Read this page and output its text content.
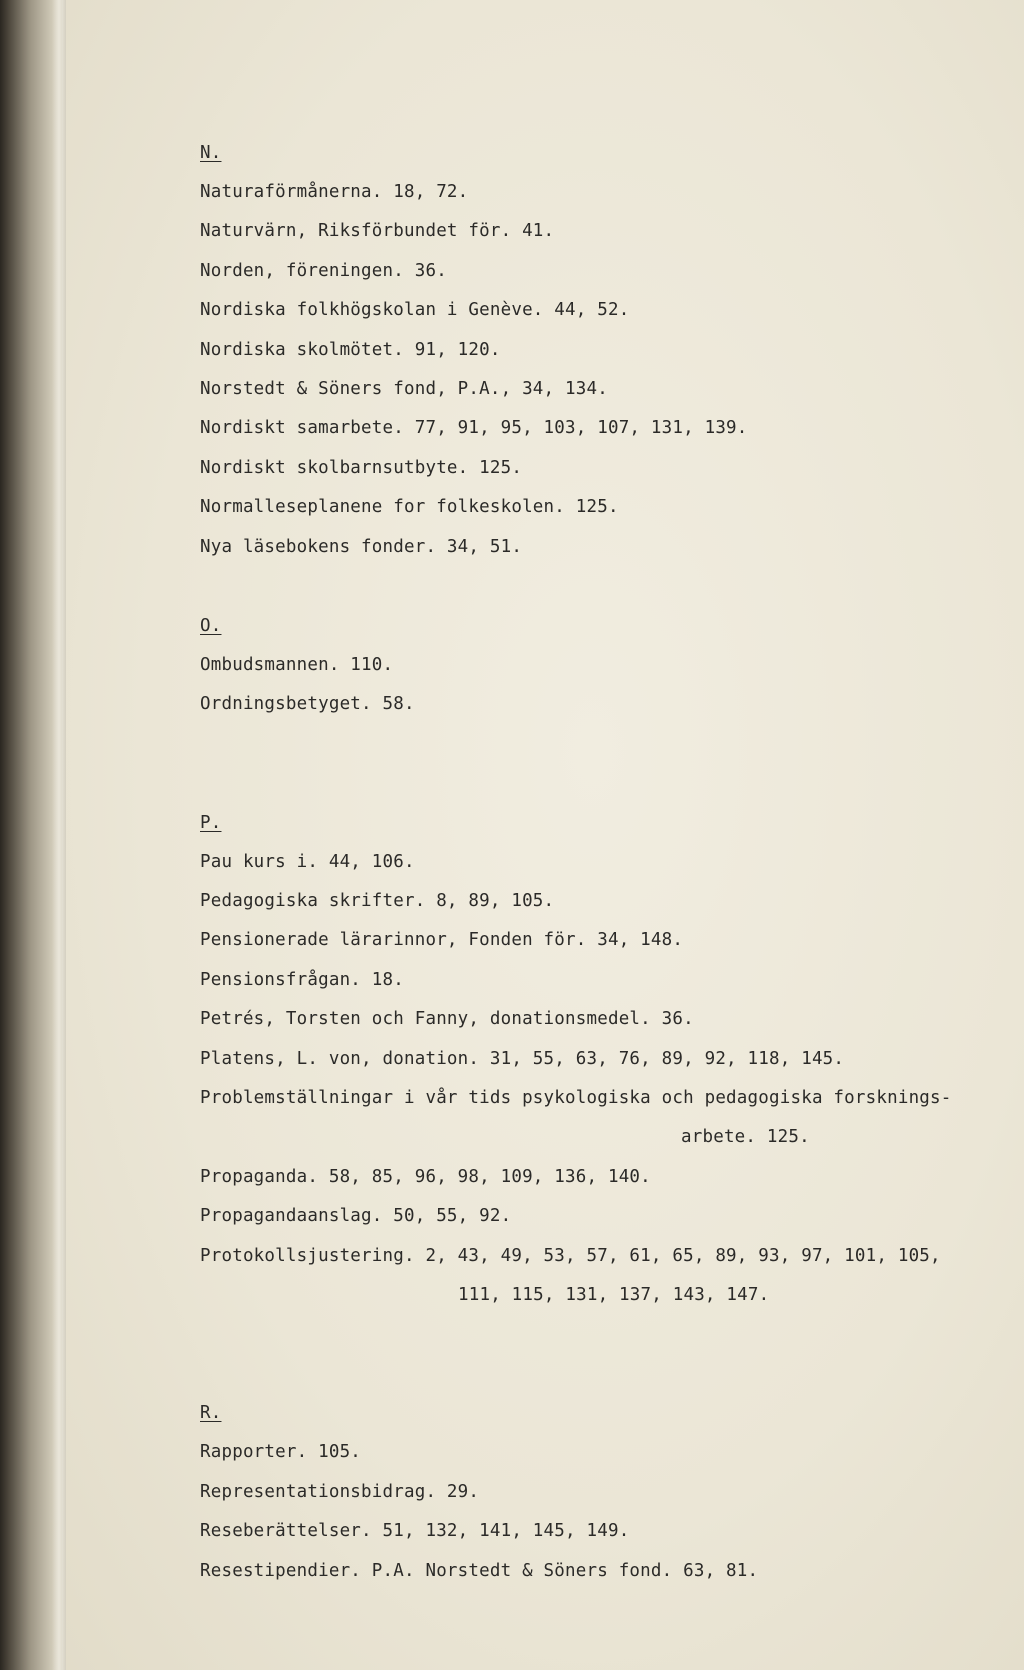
N.
Naturaförmånerna. 18, 72.
Naturvärn, Riksförbundet för. 41.
Norden, föreningen. 36.
Nordiska folkhögskolan i Genève. 44, 52.
Nordiska skolmötet. 91, 120.
Norstedt & Söners fond, P.A., 34, 134.
Nordiskt samarbete. 77, 91, 95, 103, 107, 131, 139.
Nordiskt skolbarnsutbyte. 125.
Normalleseplanene for folkeskolen. 125.
Nya läsebokens fonder. 34, 51.
O.
Ombudsmannen. 110.
Ordningsbetyget. 58.
P.
Pau kurs i. 44, 106.
Pedagogiska skrifter. 8, 89, 105.
Pensionerade lärarinnor, Fonden för. 34, 148.
Pensionsfrågan. 18.
Petrés, Torsten och Fanny, donationsmedel. 36.
Platens, L. von, donation. 31, 55, 63, 76, 89, 92, 118, 145.
Problemställningar i vår tids psykologiska och pedagogiska forsknings-
arbete. 125.
Propaganda. 58, 85, 96, 98, 109, 136, 140.
Propagandaanslag. 50, 55, 92.
Protokollsjustering. 2, 43, 49, 53, 57, 61, 65, 89, 93, 97, 101, 105,
111, 115, 131, 137, 143, 147.
R.
Rapporter. 105.
Representationsbidrag. 29.
Reseberättelser. 51, 132, 141, 145, 149.
Resestipendier. P.A. Norstedt & Söners fond. 63, 81.
